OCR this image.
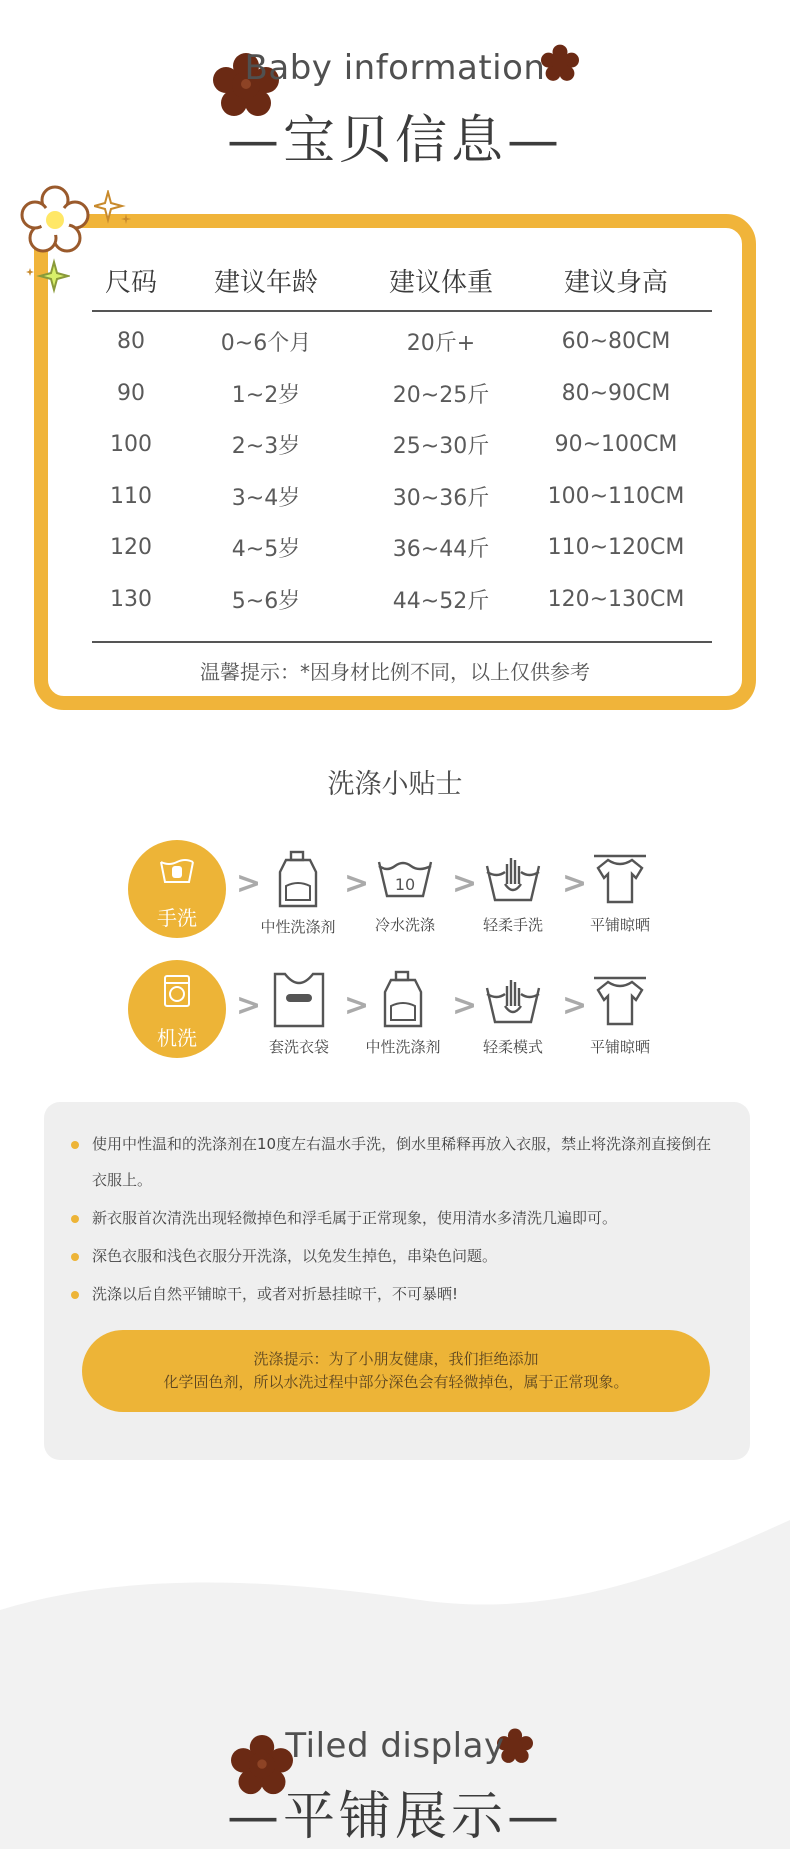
Baby information
—宝贝信息—
尺码	建议年龄	建议体重	建议身高
80	0~6个月	20斤+	60~80CM
90	1~2岁	20~25斤	80~90CM
100	2~3岁	25~30斤	90~100CM
110	3~4岁	30~36斤	100~110CM
120	4~5岁	36~44斤	110~120CM
130	5~6岁	44~52斤	120~130CM
温馨提示：*因身材比例不同，以上仅供参考
洗涤小贴士
手洗
>
中性洗涤剂
> 10
冷水洗涤
>
轻柔手洗
>
平铺晾晒
机洗
>
套洗衣袋
>
中性洗涤剂
>
轻柔模式
>
平铺晾晒
使用中性温和的洗涤剂在10度左右温水手洗，倒水里稀释再放入衣服，禁止将洗涤剂直接倒在衣服上。
新衣服首次清洗出现轻微掉色和浮毛属于正常现象，使用清水多清洗几遍即可。
深色衣服和浅色衣服分开洗涤，以免发生掉色，串染色问题。
洗涤以后自然平铺晾干，或者对折悬挂晾干，不可暴晒!
洗涤提示：为了小朋友健康，我们拒绝添加
化学固色剂，所以水洗过程中部分深色会有轻微掉色，属于正常现象。
Tiled display
—平铺展示—
